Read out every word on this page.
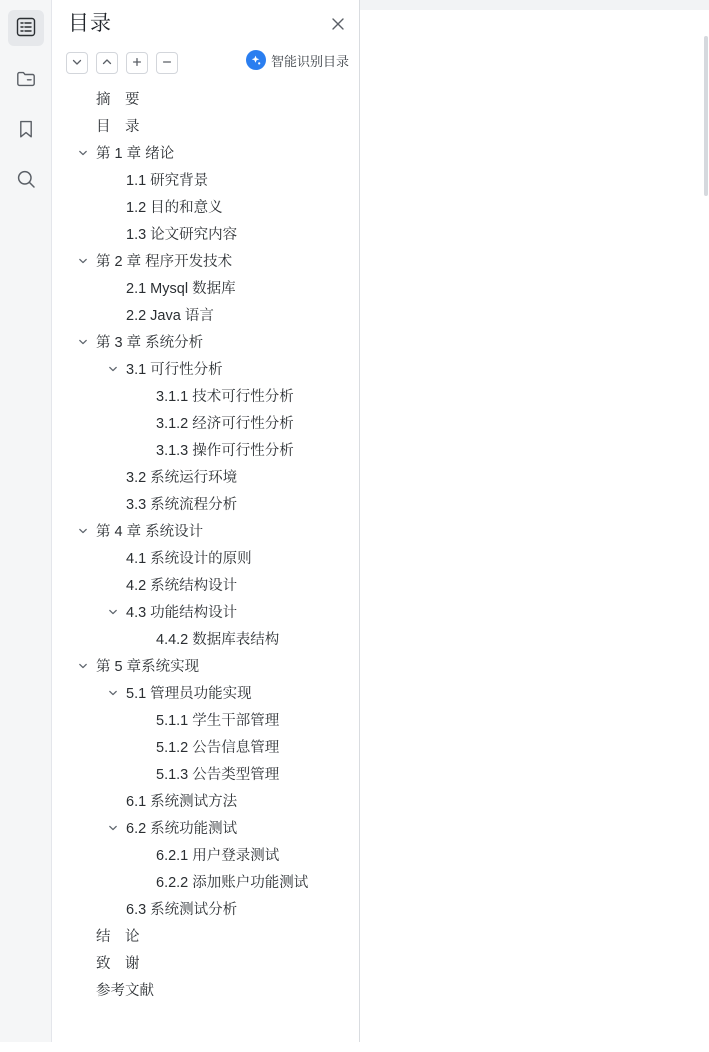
目录
智能识别目录
摘　要
目　录
第 1 章 绪论
1.1 研究背景
1.2 目的和意义
1.3 论文研究内容
第 2 章 程序开发技术
2.1 Mysql 数据库
2.2 Java 语言
第 3 章 系统分析
3.1 可行性分析
3.1.1 技术可行性分析
3.1.2 经济可行性分析
3.1.3 操作可行性分析
3.2 系统运行环境
3.3 系统流程分析
第 4 章 系统设计
4.1 系统设计的原则
4.2 系统结构设计
4.3 功能结构设计
4.4.2 数据库表结构
第 5 章系统实现
5.1 管理员功能实现
5.1.1 学生干部管理
5.1.2 公告信息管理
5.1.3 公告类型管理
6.1 系统测试方法
6.2 系统功能测试
6.2.1 用户登录测试
6.2.2 添加账户功能测试
6.3 系统测试分析
结　论
致　谢
参考文献
